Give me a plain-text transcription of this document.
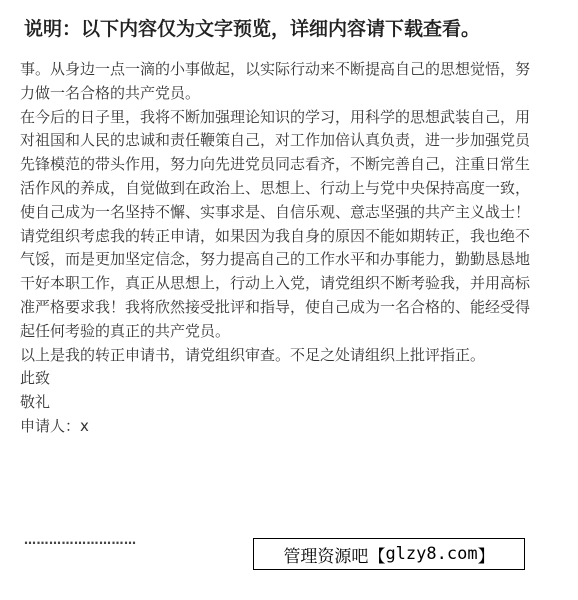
说明：以下内容仅为文字预览，详细内容请下载查看。

事。从身边一点一滴的小事做起，以实际行动来不断提高自己的思想觉悟，努力做一名合格的共产党员。

在今后的日子里，我将不断加强理论知识的学习，用科学的思想武装自己，用对祖国和人民的忠诚和责任鞭策自己，对工作加倍认真负责，进一步加强党员先锋模范的带头作用，努力向先进党员同志看齐，不断完善自己，注重日常生活作风的养成，自觉做到在政治上、思想上、行动上与党中央保持高度一致，使自己成为一名坚持不懈、实事求是、自信乐观、意志坚强的共产主义战士！请党组织考虑我的转正申请，如果因为我自身的原因不能如期转正，我也绝不气馁，而是更加坚定信念，努力提高自己的工作水平和办事能力，勤勤恳恳地干好本职工作，真正从思想上，行动上入党，请党组织不断考验我，并用高标准严格要求我！我将欣然接受批评和指导，使自己成为一名合格的、能经受得起任何考验的真正的共产党员。

以上是我的转正申请书，请党组织审查。不足之处请组织上批评指正。

此致

敬礼

申请人：x

………………………
管理资源吧 【 glzy8.com 】
